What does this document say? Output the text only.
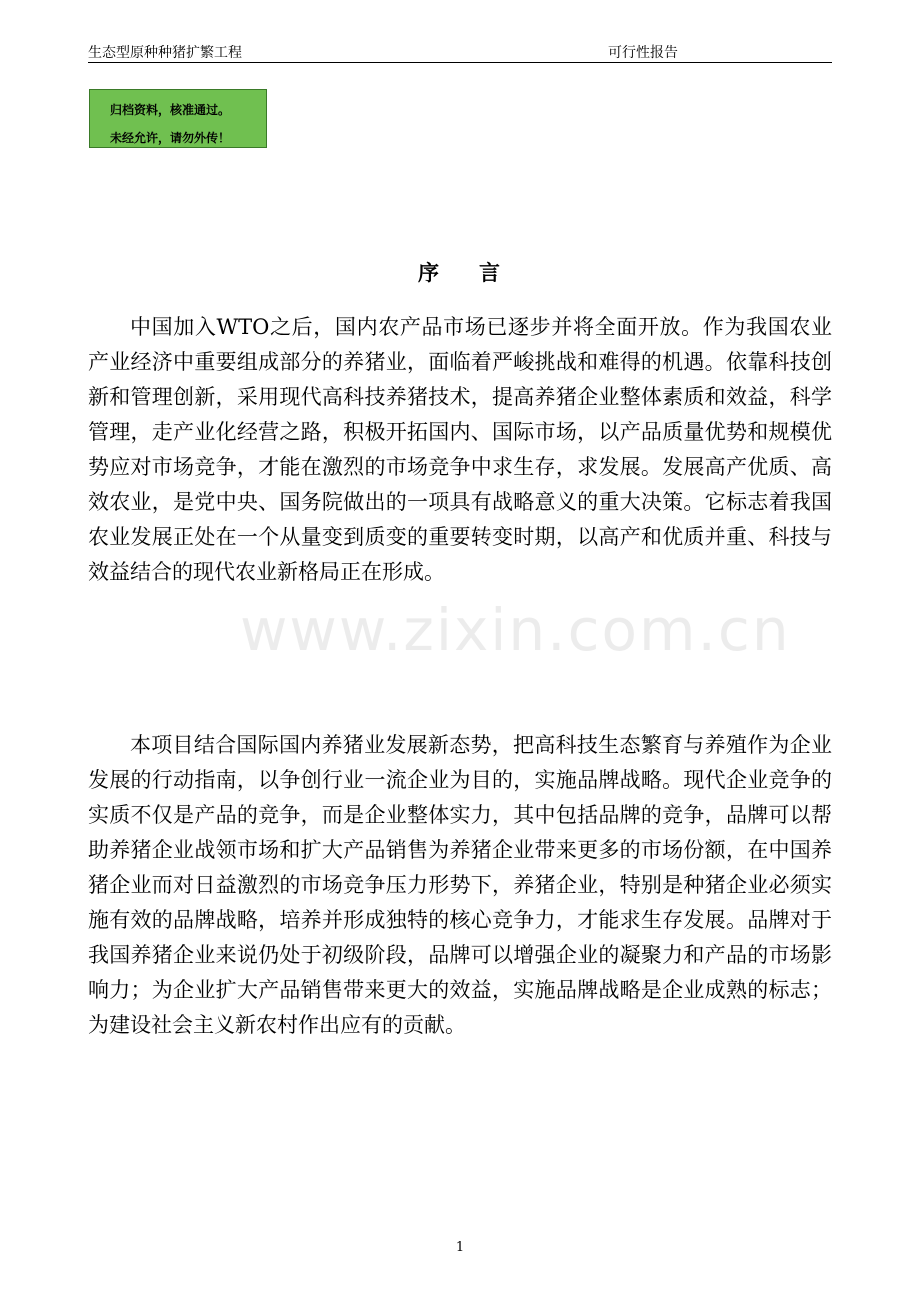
生态型原种种猪扩繁工程	可行性报告
归档资料，核准通过。
未经允许，请勿外传！
序 言
www.zixin.com.cn

中国加入WTO之后，国内农产品市场已逐步并将全面开放。作为我国农业产业经济中重要组成部分的养猪业，面临着严峻挑战和难得的机遇。依靠科技创新和管理创新，采用现代高科技养猪技术，提高养猪企业整体素质和效益，科学管理，走产业化经营之路，积极开拓国内、国际市场，以产品质量优势和规模优势应对市场竞争，才能在激烈的市场竞争中求生存，求发展。发展高产优质、高效农业，是党中央、国务院做出的一项具有战略意义的重大决策。它标志着我国农业发展正处在一个从量变到质变的重要转变时期，以高产和优质并重、科技与效益结合的现代农业新格局正在形成。

本项目结合国际国内养猪业发展新态势，把高科技生态繁育与养殖作为企业发展的行动指南，以争创行业一流企业为目的，实施品牌战略。现代企业竞争的实质不仅是产品的竞争，而是企业整体实力，其中包括品牌的竞争，品牌可以帮助养猪企业战领市场和扩大产品销售为养猪企业带来更多的市场份额，在中国养猪企业而对日益激烈的市场竞争压力形势下，养猪企业，特别是种猪企业必须实施有效的品牌战略，培养并形成独特的核心竞争力，才能求生存发展。品牌对于我国养猪企业来说仍处于初级阶段，品牌可以增强企业的凝聚力和产品的市场影响力；为企业扩大产品销售带来更大的效益，实施品牌战略是企业成熟的标志；为建设社会主义新农村作出应有的贡献。

1
